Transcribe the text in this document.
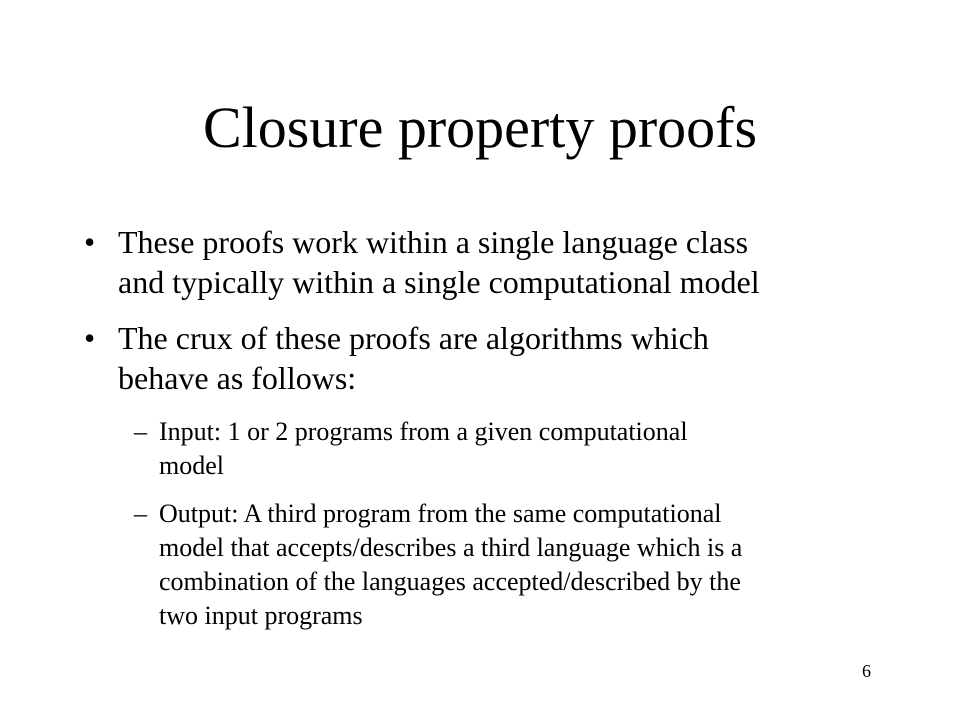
Closure property proofs
• These proofs work within a single language class
and typically within a single computational model
• The crux of these proofs are algorithms which
behave as follows:
– Input: 1 or 2 programs from a given computational
model
– Output: A third program from the same computational
model that accepts/describes a third language which is a
combination of the languages accepted/described by the
two input programs
6
